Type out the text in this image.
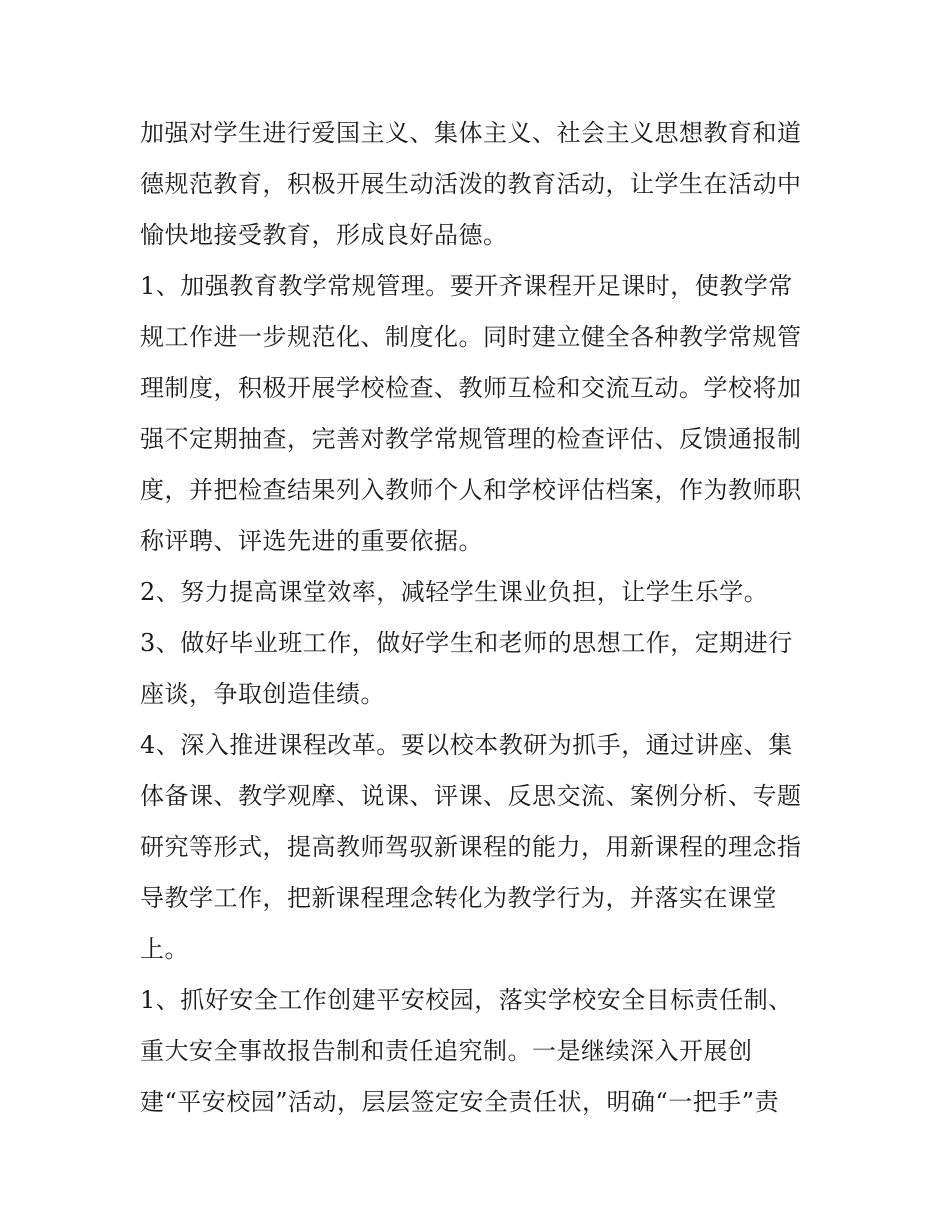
加强对学生进行爱国主义、集体主义、社会主义思想教育和道
德规范教育，积极开展生动活泼的教育活动，让学生在活动中
愉快地接受教育，形成良好品德。
1、加强教育教学常规管理。要开齐课程开足课时，使教学常
规工作进一步规范化、制度化。同时建立健全各种教学常规管
理制度，积极开展学校检查、教师互检和交流互动。学校将加
强不定期抽查，完善对教学常规管理的检查评估、反馈通报制
度，并把检查结果列入教师个人和学校评估档案，作为教师职
称评聘、评选先进的重要依据。
2、努力提高课堂效率，减轻学生课业负担，让学生乐学。
3、做好毕业班工作，做好学生和老师的思想工作，定期进行
座谈，争取创造佳绩。
4、深入推进课程改革。要以校本教研为抓手，通过讲座、集
体备课、教学观摩、说课、评课、反思交流、案例分析、专题
研究等形式，提高教师驾驭新课程的能力，用新课程的理念指
导教学工作，把新课程理念转化为教学行为，并落实在课堂
上。
1、抓好安全工作创建平安校园，落实学校安全目标责任制、
重大安全事故报告制和责任追究制。一是继续深入开展创
建“平安校园”活动，层层签定安全责任状，明确“一把手”责
